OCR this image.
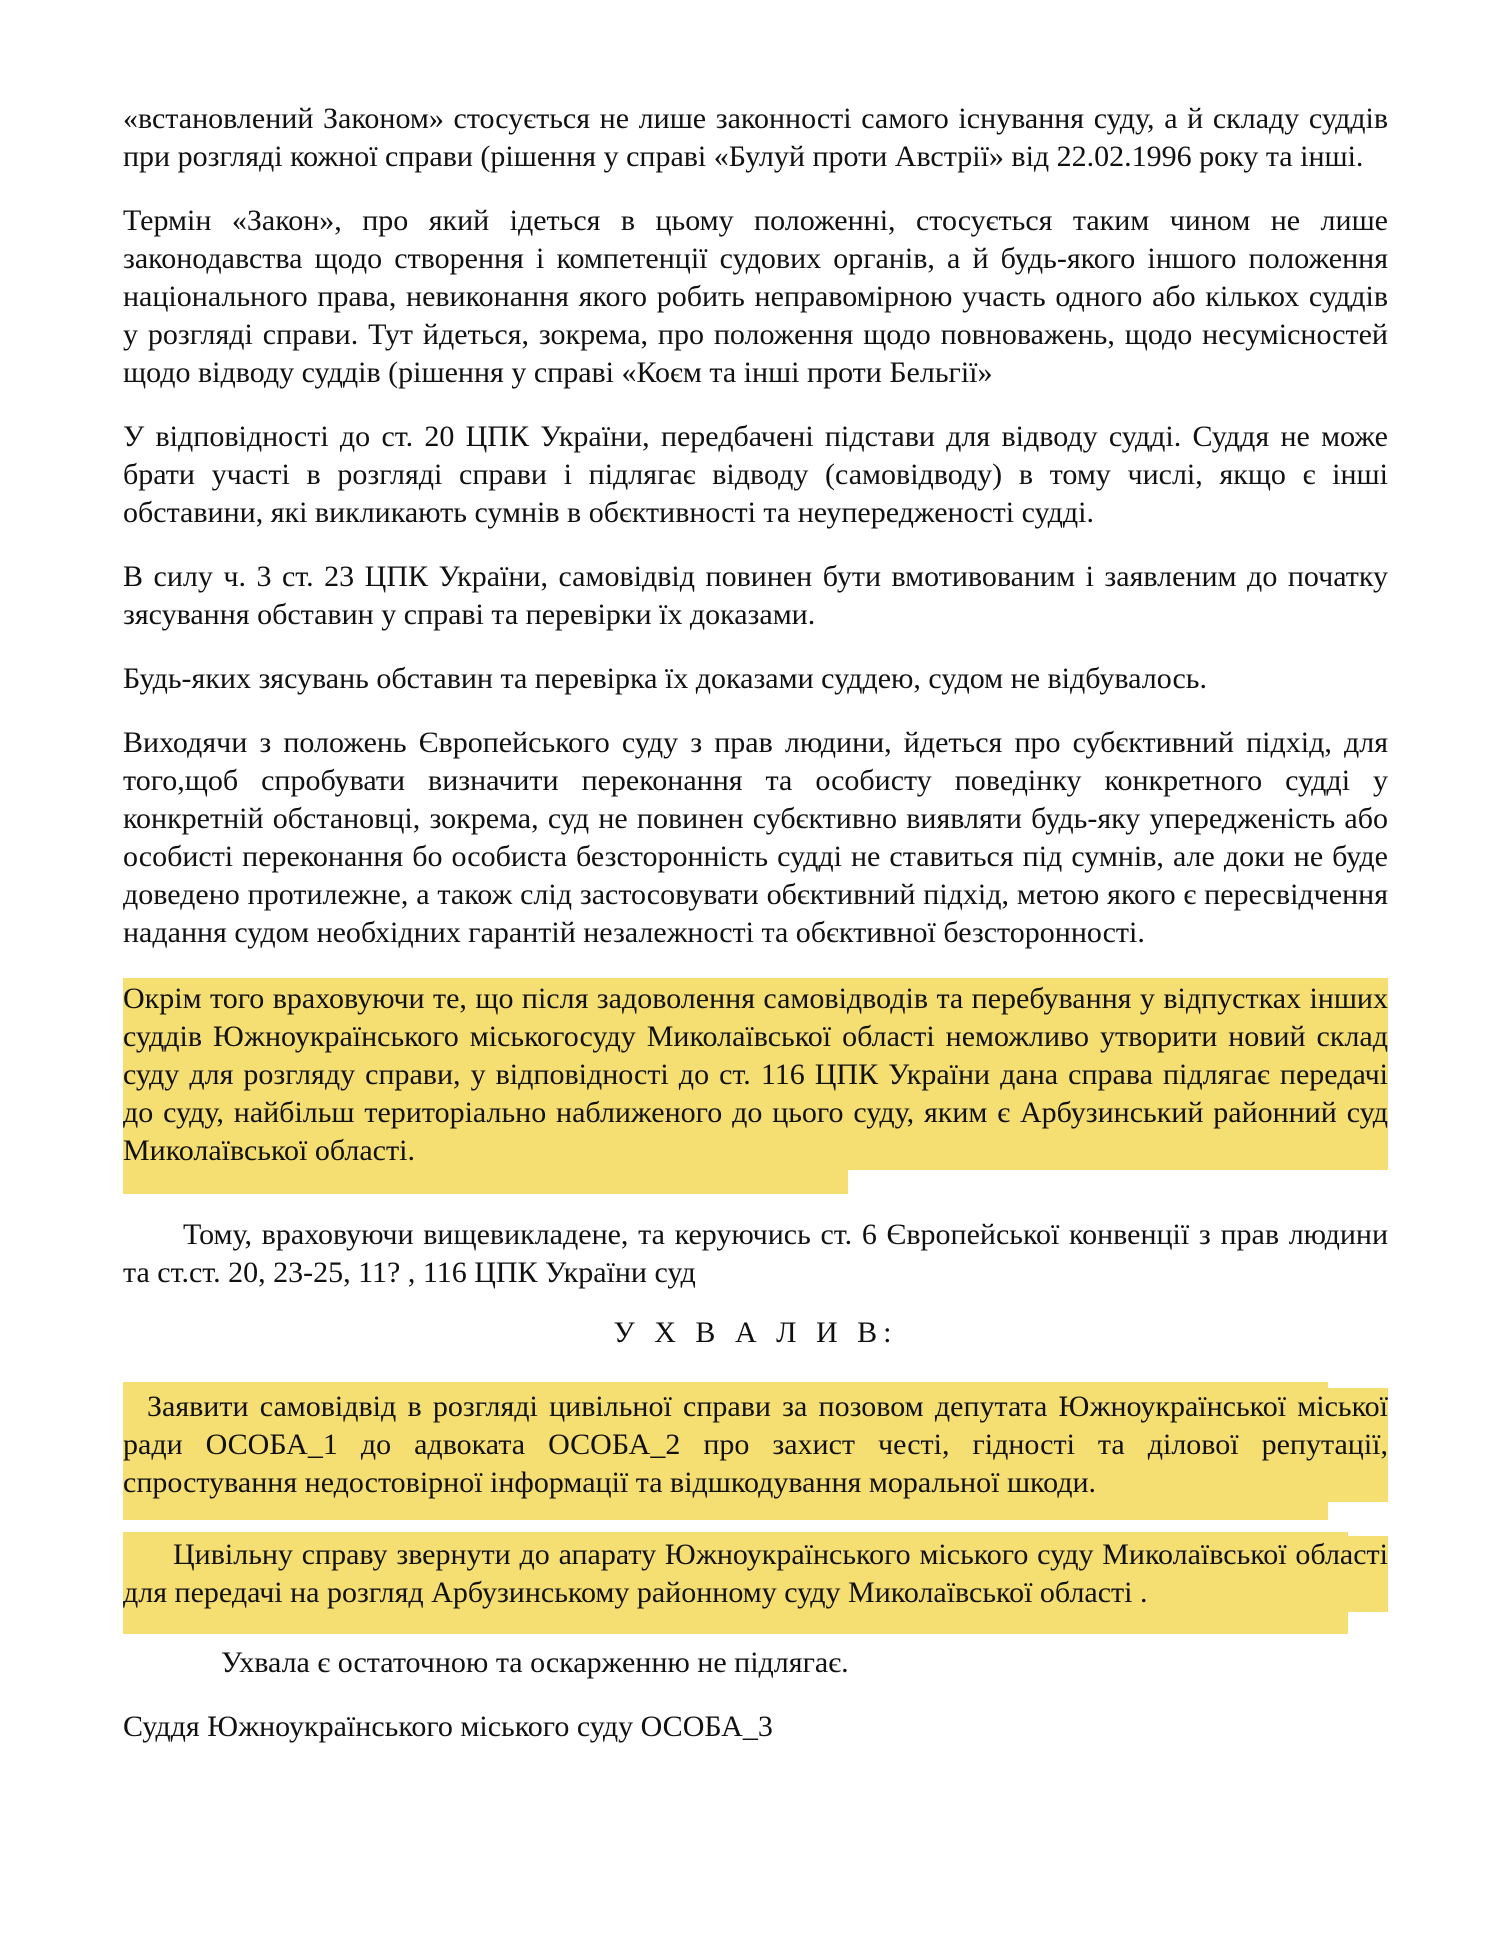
«встановлений Законом» стосується не лише законності самого існування суду, а й складу суддів при розгляді кожної справи (рішення у справі «Булуй проти Австрії» від 22.02.1996 року та інші.

Термін «Закон», про який ідеться в цьому положенні, стосується таким чином не лише законодавства щодо створення і компетенції судових органів, а й будь-якого іншого положення національного права, невиконання якого робить неправомірною участь одного або кількох суддів у розгляді справи. Тут йдеться, зокрема, про положення щодо повноважень, щодо несумісностей щодо відводу суддів (рішення у справі «Коєм та інші проти Бельгії»

У відповідності до ст. 20 ЦПК України, передбачені підстави для відводу судді. Суддя не може брати участі в розгляді справи і підлягає відводу (самовідводу) в тому числі, якщо є інші обставини, які викликають сумнів в обєктивності та неупередженості судді.

В силу ч. 3 ст. 23 ЦПК України, самовідвід повинен бути вмотивованим і заявленим до початку зясування обставин у справі та перевірки їх доказами.

Будь-яких зясувань обставин та перевірка їх доказами суддею, судом не відбувалось.

Виходячи з положень Європейського суду з прав людини, йдеться про субєктивний підхід, для того,щоб спробувати визначити переконання та особисту поведінку конкретного судді у конкретній обстановці, зокрема, суд не повинен субєктивно виявляти будь-яку упередженість або особисті переконання бо особиста безсторонність судді не ставиться під сумнів, але доки не буде доведено протилежне, а також слід застосовувати обєктивний підхід, метою якого є пересвідчення надання судом необхідних гарантій незалежності та обєктивної безсторонності.

Окрім того враховуючи те, що після задоволення самовідводів та перебування у відпустках інших суддів Южноукраїнського міськогосуду Миколаївської області неможливо утворити новий склад суду для розгляду справи, у відповідності до ст. 116 ЦПК України дана справа підлягає передачі до суду, найбільш територіально наближеного до цього суду, яким є Арбузинський районний суд Миколаївської області.

Тому, враховуючи вищевикладене, та керуючись ст. 6 Європейської конвенції з прав людини та ст.ст. 20, 23-25, 11? , 116 ЦПК України суд

У Х В А Л И В:

Заявити самовідвід в розгляді цивільної справи за позовом депутата Южноукраїнської міської ради ОСОБА_1 до адвоката ОСОБА_2 про захист честі, гідності та ділової репутації, спростування недостовірної інформації та відшкодування моральної шкоди.

Цивільну справу звернути до апарату Южноукраїнського міського суду Миколаївської області для передачі на розгляд Арбузинському районному суду Миколаївської області .

Ухвала є остаточною та оскарженню не підлягає.

Суддя Южноукраїнського міського суду ОСОБА_3
